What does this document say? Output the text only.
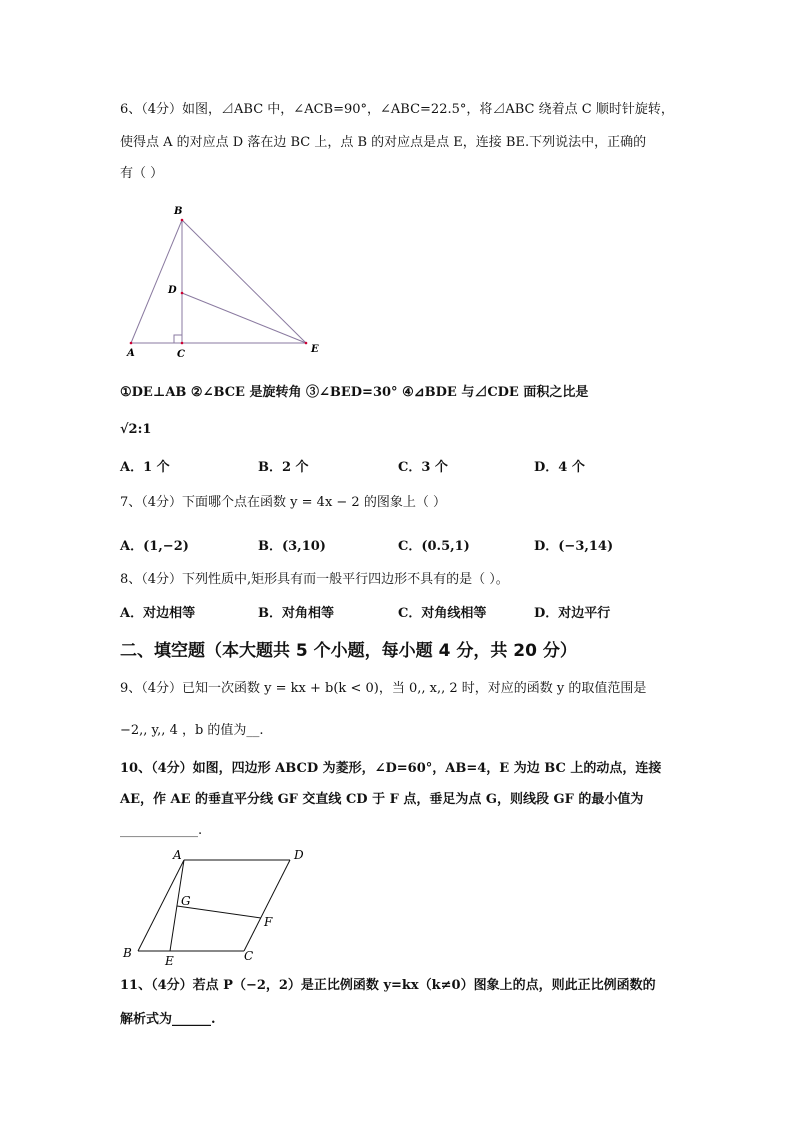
6、（4分）如图，⊿ABC 中，∠ACB=90°，∠ABC=22.5°，将⊿ABC 绕着点 C 顺时针旋转，
使得点 A 的对应点 D 落在边 BC 上，点 B 的对应点是点 E，连接 BE.下列说法中，正确的
有（ ）
B
D
A	C	E
①DE⊥AB ②∠BCE 是旋转角 ③∠BED=30° ④⊿BDE 与⊿CDE 面积之比是
√2:1
A．1 个	B．2 个	C．3 个	D．4 个
7、（4分）下面哪个点在函数 y = 4x − 2 的图象上（ ）
A．(1,−2)	B．(3,10)	C．(0.5,1)	D．(−3,14)
8、（4分）下列性质中,矩形具有而一般平行四边形不具有的是（ ）。
A．对边相等	B．对角相等	C．对角线相等	D．对边平行
二、填空题（本大题共 5 个小题，每小题 4 分，共 20 分）
9、（4分）已知一次函数 y = kx + b(k < 0)，当 0,, x,, 2 时，对应的函数 y 的取值范围是
−2,, y,, 4 ，b 的值为__.
10、（4分）如图，四边形 ABCD 为菱形，∠D=60°，AB=4，E 为边 BC 上的动点，连接
AE，作 AE 的垂直平分线 GF 交直线 CD 于 F 点，垂足为点 G，则线段 GF 的最小值为
____________.
A	D
G
F
B
E	C
11、（4分）若点 P（−2，2）是正比例函数 y=kx（k≠0）图象上的点，则此正比例函数的
解析式为______.
